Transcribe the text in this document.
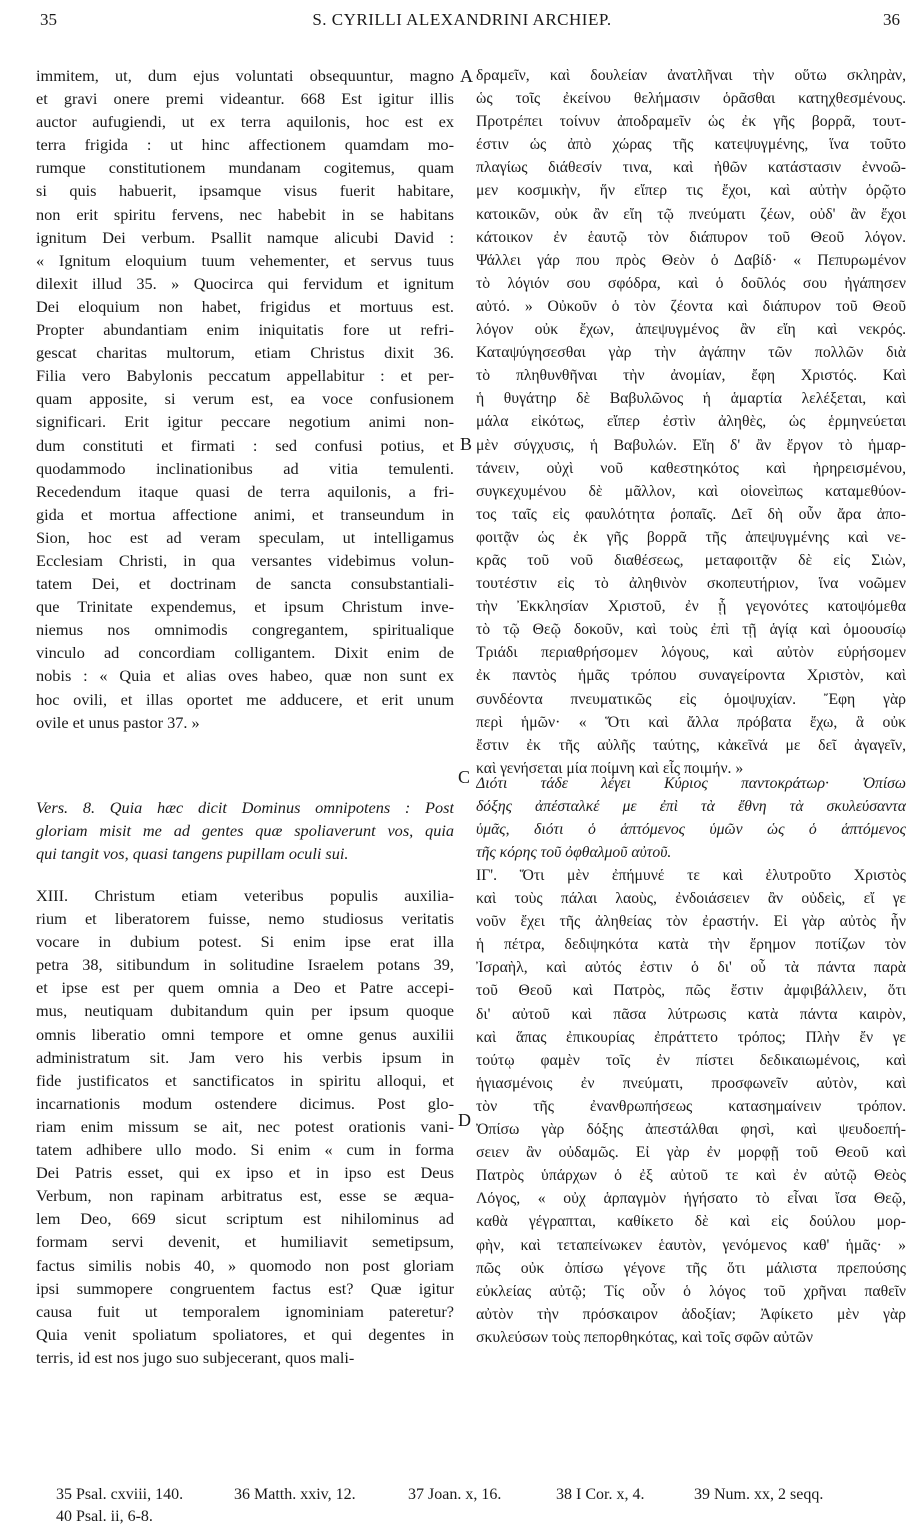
35	S. CYRILLI ALEXANDRINI ARCHIEP.	36
A
B
C
D
immitem, ut, dum ejus voluntati obsequuntur, magno
et gravi onere premi videantur. 668 Est igitur illis
auctor aufugiendi, ut ex terra aquilonis, hoc est ex
terra frigida : ut hinc affectionem quamdam mo-
rumque constitutionem mundanam cogitemus, quam
si quis habuerit, ipsamque visus fuerit habitare,
non erit spiritu fervens, nec habebit in se habitans
ignitum Dei verbum. Psallit namque alicubi David :
« Ignitum eloquium tuum vehementer, et servus tuus
dilexit illud 35. » Quocirca qui fervidum et ignitum
Dei eloquium non habet, frigidus et mortuus est.
Propter abundantiam enim iniquitatis fore ut refri-
gescat charitas multorum, etiam Christus dixit 36.
Filia vero Babylonis peccatum appellabitur : et per-
quam apposite, si verum est, ea voce confusionem
significari. Erit igitur peccare negotium animi non-
dum constituti et firmati : sed confusi potius, et
quodammodo inclinationibus ad vitia temulenti.
Recedendum itaque quasi de terra aquilonis, a fri-
gida et mortua affectione animi, et transeundum in
Sion, hoc est ad veram speculam, ut intelligamus
Ecclesiam Christi, in qua versantes videbimus volun-
tatem Dei, et doctrinam de sancta consubstantiali-
que Trinitate expendemus, et ipsum Christum inve-
niemus nos omnimodis congregantem, spiritualique
vinculo ad concordiam colligantem. Dixit enim de
nobis : « Quia et alias oves habeo, quæ non sunt ex
hoc ovili, et illas oportet me adducere, et erit unum
ovile et unus pastor 37. »
Vers. 8. Quia hæc dicit Dominus omnipotens : Post
gloriam misit me ad gentes quæ spoliaverunt vos, quia
qui tangit vos, quasi tangens pupillam oculi sui.
XIII. Christum etiam veteribus populis auxilia-
rium et liberatorem fuisse, nemo studiosus veritatis
vocare in dubium potest. Si enim ipse erat illa
petra 38, sitibundum in solitudine Israelem potans 39,
et ipse est per quem omnia a Deo et Patre accepi-
mus, neutiquam dubitandum quin per ipsum quoque
omnis liberatio omni tempore et omne genus auxilii
administratum sit. Jam vero his verbis ipsum in
fide justificatos et sanctificatos in spiritu alloqui, et
incarnationis modum ostendere dicimus. Post glo-
riam enim missum se ait, nec potest orationis vani-
tatem adhibere ullo modo. Si enim « cum in forma
Dei Patris esset, qui ex ipso et in ipso est Deus
Verbum, non rapinam arbitratus est, esse se æqua-
lem Deo, 669 sicut scriptum est nihilominus ad
formam servi devenit, et humiliavit semetipsum,
factus similis nobis 40, » quomodo non post gloriam
ipsi summopere congruentem factus est? Quæ igitur
causa fuit ut temporalem ignominiam pateretur?
Quia venit spoliatum spoliatores, et qui degentes in
terris, id est nos jugo suo subjecerant, quos mali-
δραμεῖν, καὶ δουλείαν ἀνατλῆναι τὴν οὕτω σκληρὰν,
ὡς τοῖς ἐκείνου θελήμασιν ὁρᾶσθαι κατηχθεσμένους.
Προτρέπει τοίνυν ἀποδραμεῖν ὡς ἐκ γῆς βορρᾶ, τουτ-
έστιν ὡς ἀπὸ χώρας τῆς κατεψυγμένης, ἵνα τοῦτο
πλαγίως διάθεσίν τινα, καὶ ἠθῶν κατάστασιν ἐννοῶ-
μεν κοσμικὴν, ἥν εἴπερ τις ἔχοι, καὶ αὐτὴν ὁρῷτο
κατοικῶν, οὐκ ἂν εἴη τῷ πνεύματι ζέων, οὐδ' ἂν ἔχοι
κάτοικον ἐν ἑαυτῷ τὸν διάπυρον τοῦ Θεοῦ λόγον.
Ψάλλει γάρ που πρὸς Θεὸν ὁ Δαβίδ· « Πεπυρωμένον
τὸ λόγιόν σου σφόδρα, καὶ ὁ δοῦλός σου ἠγάπησεν
αὐτό. » Οὐκοῦν ὁ τὸν ζέοντα καὶ διάπυρον τοῦ Θεοῦ
λόγον οὐκ ἔχων, ἀπεψυγμένος ἂν εἴη καὶ νεκρός.
Καταψύγησεσθαι γὰρ τὴν ἀγάπην τῶν πολλῶν διὰ
τὸ πληθυνθῆναι τὴν ἀνομίαν, ἔφη Χριστός. Καὶ
ἡ θυγάτηρ δὲ Βαβυλῶνος ἡ ἁμαρτία λελέξεται, καὶ
μάλα εἰκότως, εἴπερ ἐστὶν ἀληθὲς, ὡς ἑρμηνεύεται
μὲν σύγχυσις, ἡ Βαβυλών. Εἴη δ' ἂν ἔργον τὸ ἡμαρ-
τάνειν, οὐχὶ νοῦ καθεστηκότος καὶ ἠρηρεισμένου,
συγκεχυμένου δὲ μᾶλλον, καὶ οἱονεὶπως καταμεθύον-
τος ταῖς εἰς φαυλότητα ῥοπαῖς. Δεῖ δὴ οὖν ἄρα ἀπο-
φοιτᾷν ὡς ἐκ γῆς βορρᾶ τῆς ἀπεψυγμένης καὶ νε-
κρᾶς τοῦ νοῦ διαθέσεως, μεταφοιτᾷν δὲ εἰς Σιὼν,
τουτέστιν εἰς τὸ ἀληθινὸν σκοπευτήριον, ἵνα νοῶμεν
τὴν Ἐκκλησίαν Χριστοῦ, ἐν ᾗ γεγονότες κατοψόμεθα
τὸ τῷ Θεῷ δοκοῦν, καὶ τοὺς ἐπὶ τῇ ἁγίᾳ καὶ ὁμοουσίῳ
Τριάδι περιαθρήσομεν λόγους, καὶ αὐτὸν εὑρήσομεν
ἐκ παντὸς ἡμᾶς τρόπου συναγείροντα Χριστὸν, καὶ
συνδέοντα πνευματικῶς εἰς ὁμοψυχίαν. Ἔφη γὰρ
περὶ ἡμῶν· « Ὅτι καὶ ἄλλα πρόβατα ἔχω, ἃ οὐκ
ἔστιν ἐκ τῆς αὐλῆς ταύτης, κἀκεῖνά με δεῖ ἀγαγεῖν,
καὶ γενήσεται μία ποίμνη καὶ εἷς ποιμήν. »
Διότι τάδε λέγει Κύριος παντοκράτωρ· Ὀπίσω
δόξης ἀπέσταλκέ με ἐπὶ τὰ ἔθνη τὰ σκυλεύσαντα
ὑμᾶς, διότι ὁ ἁπτόμενος ὑμῶν ὡς ὁ ἁπτόμενος
τῆς κόρης τοῦ ὀφθαλμοῦ αὐτοῦ.
ΙΓ'. Ὅτι μὲν ἐπήμυνέ τε καὶ ἐλυτροῦτο Χριστὸς
καὶ τοὺς πάλαι λαοὺς, ἐνδοιάσειεν ἂν οὐδεὶς, εἴ γε
νοῦν ἔχει τῆς ἀληθείας τὸν ἐραστήν. Εἰ γὰρ αὐτὸς ἦν
ἡ πέτρα, δεδιψηκότα κατὰ τὴν ἔρημον ποτίζων τὸν
Ἰσραὴλ, καὶ αὐτός ἐστιν ὁ δι' οὗ τὰ πάντα παρὰ
τοῦ Θεοῦ καὶ Πατρὸς, πῶς ἔστιν ἀμφιβάλλειν, ὅτι
δι' αὐτοῦ καὶ πᾶσα λύτρωσις κατὰ πάντα καιρὸν,
καὶ ἅπας ἐπικουρίας ἐπράττετο τρόπος; Πλὴν ἔν γε
τούτῳ φαμὲν τοῖς ἐν πίστει δεδικαιωμένοις, καὶ
ἡγιασμένοις ἐν πνεύματι, προσφωνεῖν αὐτὸν, καὶ
τὸν τῆς ἐνανθρωπήσεως κατασημαίνειν τρόπον.
Ὀπίσω γὰρ δόξης ἀπεστάλθαι φησὶ, καὶ ψευδοεπή-
σειεν ἂν οὐδαμῶς. Εἰ γὰρ ἐν μορφῇ τοῦ Θεοῦ καὶ
Πατρὸς ὑπάρχων ὁ ἐξ αὐτοῦ τε καὶ ἐν αὐτῷ Θεὸς
Λόγος, « οὐχ ἁρπαγμὸν ἡγήσατο τὸ εἶναι ἴσα Θεῷ,
καθὰ γέγραπται, καθίκετο δὲ καὶ εἰς δούλου μορ-
φὴν, καὶ τεταπείνωκεν ἑαυτὸν, γενόμενος καθ' ἡμᾶς· »
πῶς οὐκ ὀπίσω γέγονε τῆς ὅτι μάλιστα πρεπούσης
εὐκλείας αὐτῷ; Τίς οὖν ὁ λόγος τοῦ χρῆναι παθεῖν
αὐτὸν τὴν πρόσκαιρον ἀδοξίαν; Ἀφίκετο μὲν γὰρ
σκυλεύσων τοὺς πεπορθηκότας, καὶ τοῖς σφῶν αὐτῶν
35 Psal. cxviii, 140.	36 Matth. xxiv, 12.	37 Joan. x, 16.	38 I Cor. x, 4.	39 Num. xx, 2 seqq.
40 Psal. ii, 6-8.
